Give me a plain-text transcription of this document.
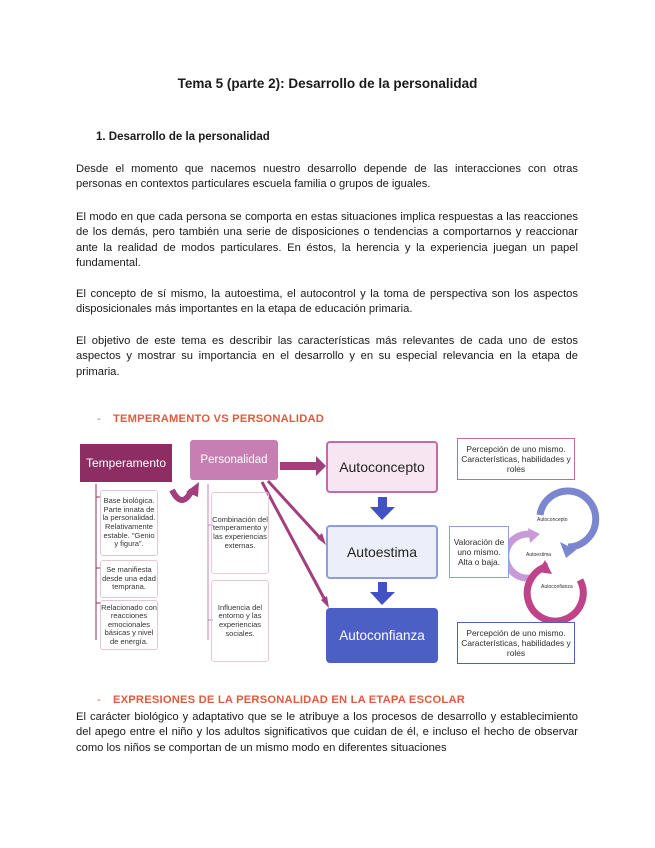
Tema 5 (parte 2): Desarrollo de la personalidad
1. Desarrollo de la personalidad
Desde el momento que nacemos nuestro desarrollo depende de las interacciones con otras personas en contextos particulares escuela familia o grupos de iguales.
El modo en que cada persona se comporta en estas situaciones implica respuestas a las reacciones de los demás, pero también una serie de disposiciones o tendencias a comportarnos y reaccionar ante la realidad de modos particulares. En éstos, la herencia y la experiencia juegan un papel fundamental.
El concepto de sí mismo, la autoestima, el autocontrol y la toma de perspectiva son los aspectos disposicionales más importantes en la etapa de educación primaria.
El objetivo de este tema es describir las características más relevantes de cada uno de estos aspectos y mostrar su importancia en el desarrollo y en su especial relevancia en la etapa de primaria.
- TEMPERAMENTO VS PERSONALIDAD
Temperamento
Base biológica. Parte innata de la personalidad. Relativamente estable. "Genio y figura".
Se manifiesta desde una edad temprana.
Relacionado con reacciones emocionales básicas y nivel de energía.
Personalidad
Combinación del temperamento y las experiencias externas.
Influencia del entorno y las experiencias sociales.
Autoconcepto
Autoestima
Autoconfianza
Percepción de uno mismo. Características, habilidades y roles
Valoración de uno mismo. Alta o baja.
Percepción de uno mismo. Características, habilidades y roles
Autoconcepto
Autoestima
Autoconfianza
- EXPRESIONES DE LA PERSONALIDAD EN LA ETAPA ESCOLAR
El carácter biológico y adaptativo que se le atribuye a los procesos de desarrollo y establecimiento del apego entre el niño y los adultos significativos que cuidan de él, e incluso el hecho de observar como los niños se comportan de un mismo modo en diferentes situaciones
